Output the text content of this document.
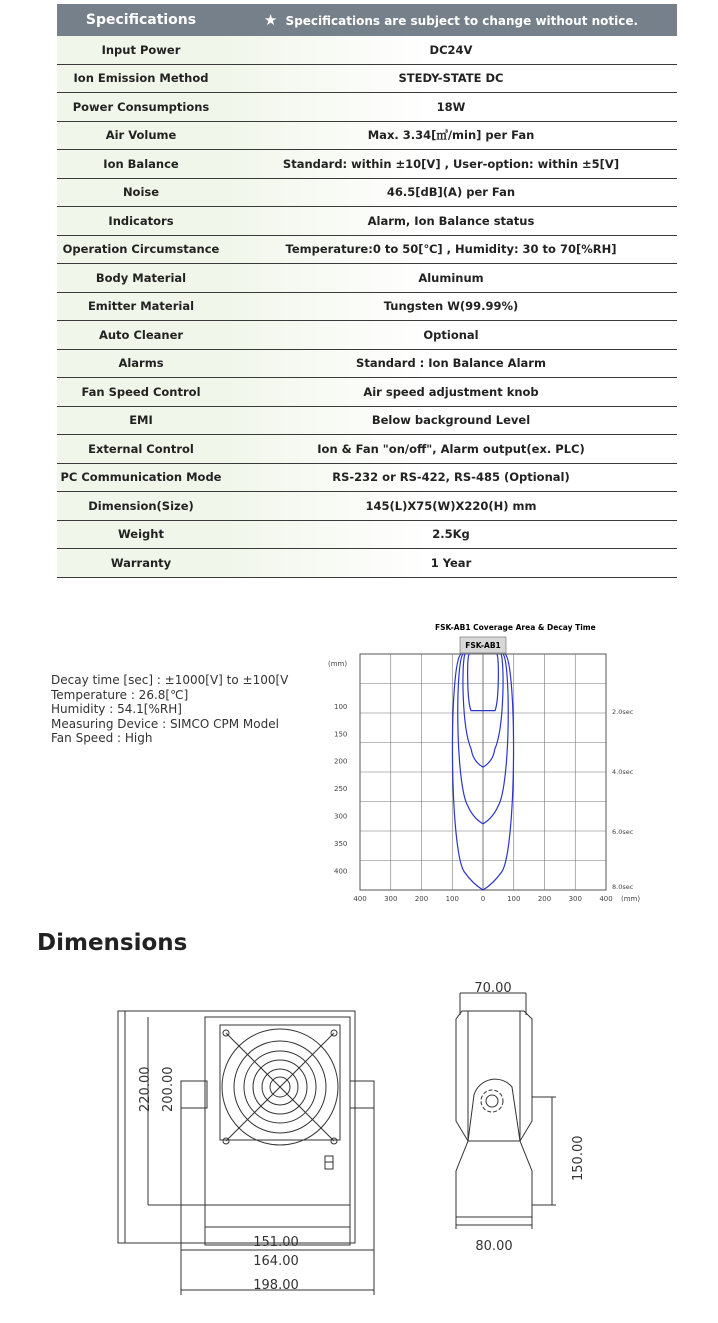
Specifications	★ Specifications are subject to change without notice.
Input Power	DC24V
Ion Emission Method	STEDY-STATE DC
Power Consumptions	18W
Air Volume	Max. 3.34[㎥/min] per Fan
Ion Balance	Standard: within ±10[V] , User-option: within ±5[V]
Noise	46.5[dB](A) per Fan
Indicators	Alarm, Ion Balance status
Operation Circumstance	Temperature:0 to 50[℃] , Humidity: 30 to 70[%RH]
Body Material	Aluminum
Emitter Material	Tungsten W(99.99%)
Auto Cleaner	Optional
Alarms	Standard : Ion Balance Alarm
Fan Speed Control	Air speed adjustment knob
EMI	Below background Level
External Control	Ion & Fan "on/off", Alarm output(ex. PLC)
PC Communication Mode	RS-232 or RS-422, RS-485 (Optional)
Dimension(Size)	145(L)X75(W)X220(H) mm
Weight	2.5Kg
Warranty	1 Year
Decay time [sec] : ±1000[V] to ±100[V
Temperature : 26.8[℃]
Humidity : 54.1[%RH]
Measuring Device : SIMCO CPM Model
Fan Speed : High
FSK-AB1 Coverage Area & Decay Time
FSK-AB1
(mm)
100
150
200
250
300
350
400
400 300 200 100	0	100 200 300 400
2.0sec
4.0sec
6.0sec
8.0sec
(mm)
Dimensions
220.00 200.00
151.00
164.00
198.00
70.00
150.00
80.00
